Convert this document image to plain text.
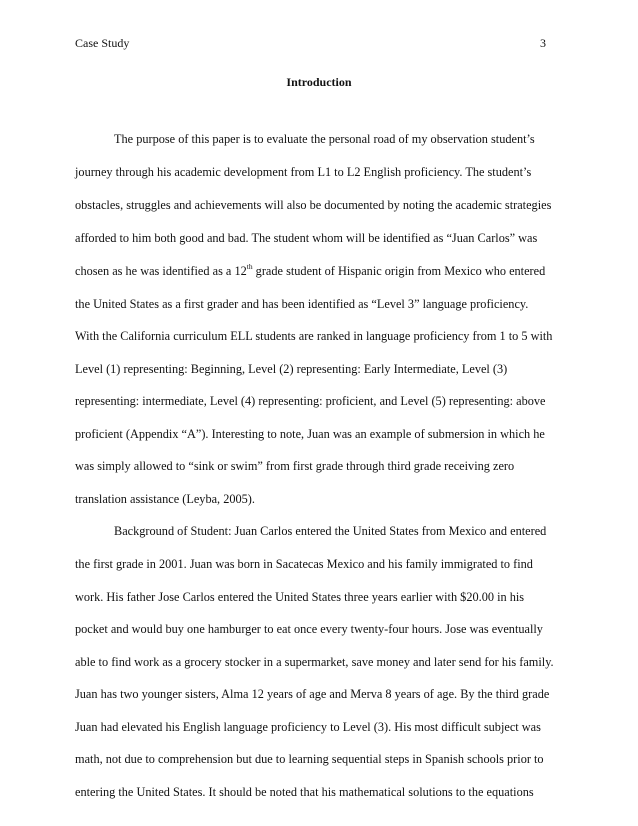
Case Study	3
Introduction
The purpose of this paper is to evaluate the personal road of my observation student’s
journey through his academic development from L1 to L2 English proficiency. The student’s
obstacles, struggles and achievements will also be documented by noting the academic strategies
afforded to him both good and bad. The student whom will be identified as “Juan Carlos” was
chosen as he was identified as a 12th grade student of Hispanic origin from Mexico who entered
the United States as a first grader and has been identified as “Level 3” language proficiency.
With the California curriculum ELL students are ranked in language proficiency from 1 to 5 with
Level (1) representing: Beginning, Level (2) representing: Early Intermediate, Level (3)
representing: intermediate, Level (4) representing: proficient, and Level (5) representing: above
proficient (Appendix “A”). Interesting to note, Juan was an example of submersion in which he
was simply allowed to “sink or swim” from first grade through third grade receiving zero
translation assistance (Leyba, 2005).
Background of Student: Juan Carlos entered the United States from Mexico and entered
the first grade in 2001. Juan was born in Sacatecas Mexico and his family immigrated to find
work. His father Jose Carlos entered the United States three years earlier with $20.00 in his
pocket and would buy one hamburger to eat once every twenty-four hours. Jose was eventually
able to find work as a grocery stocker in a supermarket, save money and later send for his family.
Juan has two younger sisters, Alma 12 years of age and Merva 8 years of age. By the third grade
Juan had elevated his English language proficiency to Level (3). His most difficult subject was
math, not due to comprehension but due to learning sequential steps in Spanish schools prior to
entering the United States. It should be noted that his mathematical solutions to the equations
